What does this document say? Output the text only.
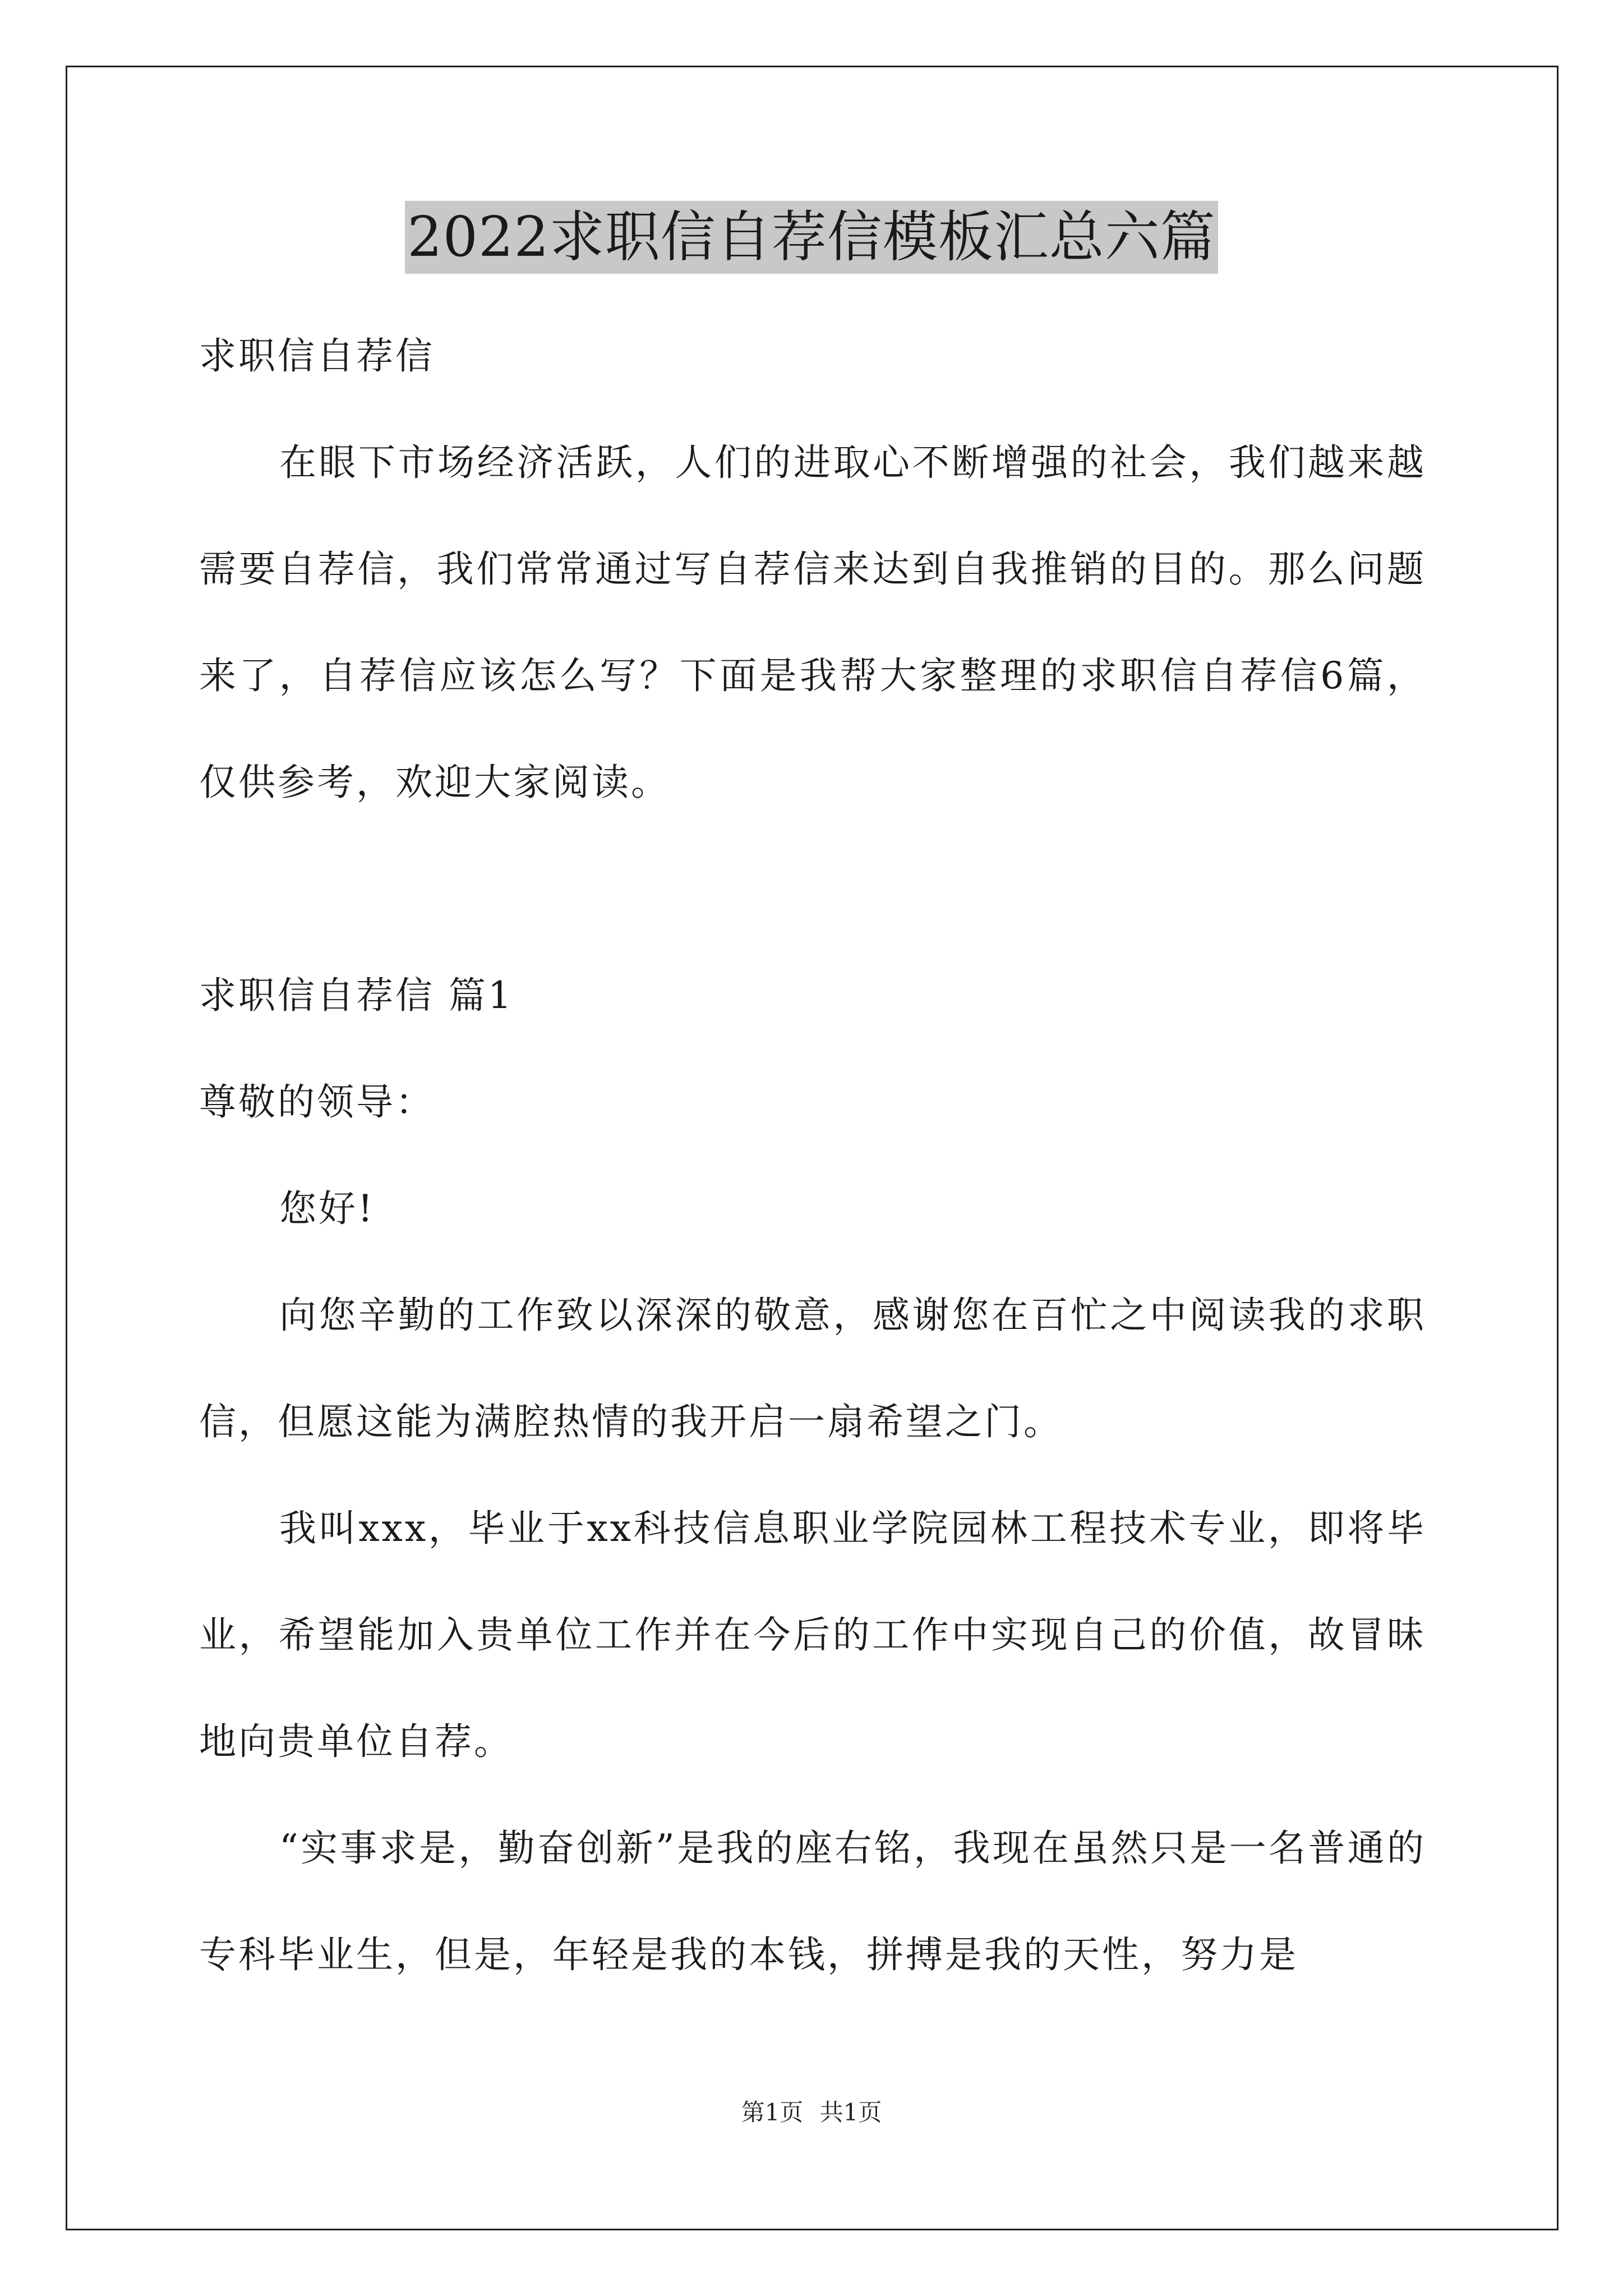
2022求职信自荐信模板汇总六篇

求职信自荐信

在眼下市场经济活跃，人们的进取心不断增强的社会，我们越来越需要自荐信，我们常常通过写自荐信来达到自我推销的目的。那么问题来了，自荐信应该怎么写？下面是我帮大家整理的求职信自荐信6篇，仅供参考，欢迎大家阅读。

求职信自荐信 篇1

尊敬的领导：

您好!

向您辛勤的工作致以深深的敬意，感谢您在百忙之中阅读我的求职信，但愿这能为满腔热情的我开启一扇希望之门。

我叫xxx，毕业于xx科技信息职业学院园林工程技术专业，即将毕业，希望能加入贵单位工作并在今后的工作中实现自己的价值，故冒昧地向贵单位自荐。

“实事求是，勤奋创新”是我的座右铭，我现在虽然只是一名普通的专科毕业生，但是，年轻是我的本钱，拼搏是我的天性，努力是

第1页 共1页
